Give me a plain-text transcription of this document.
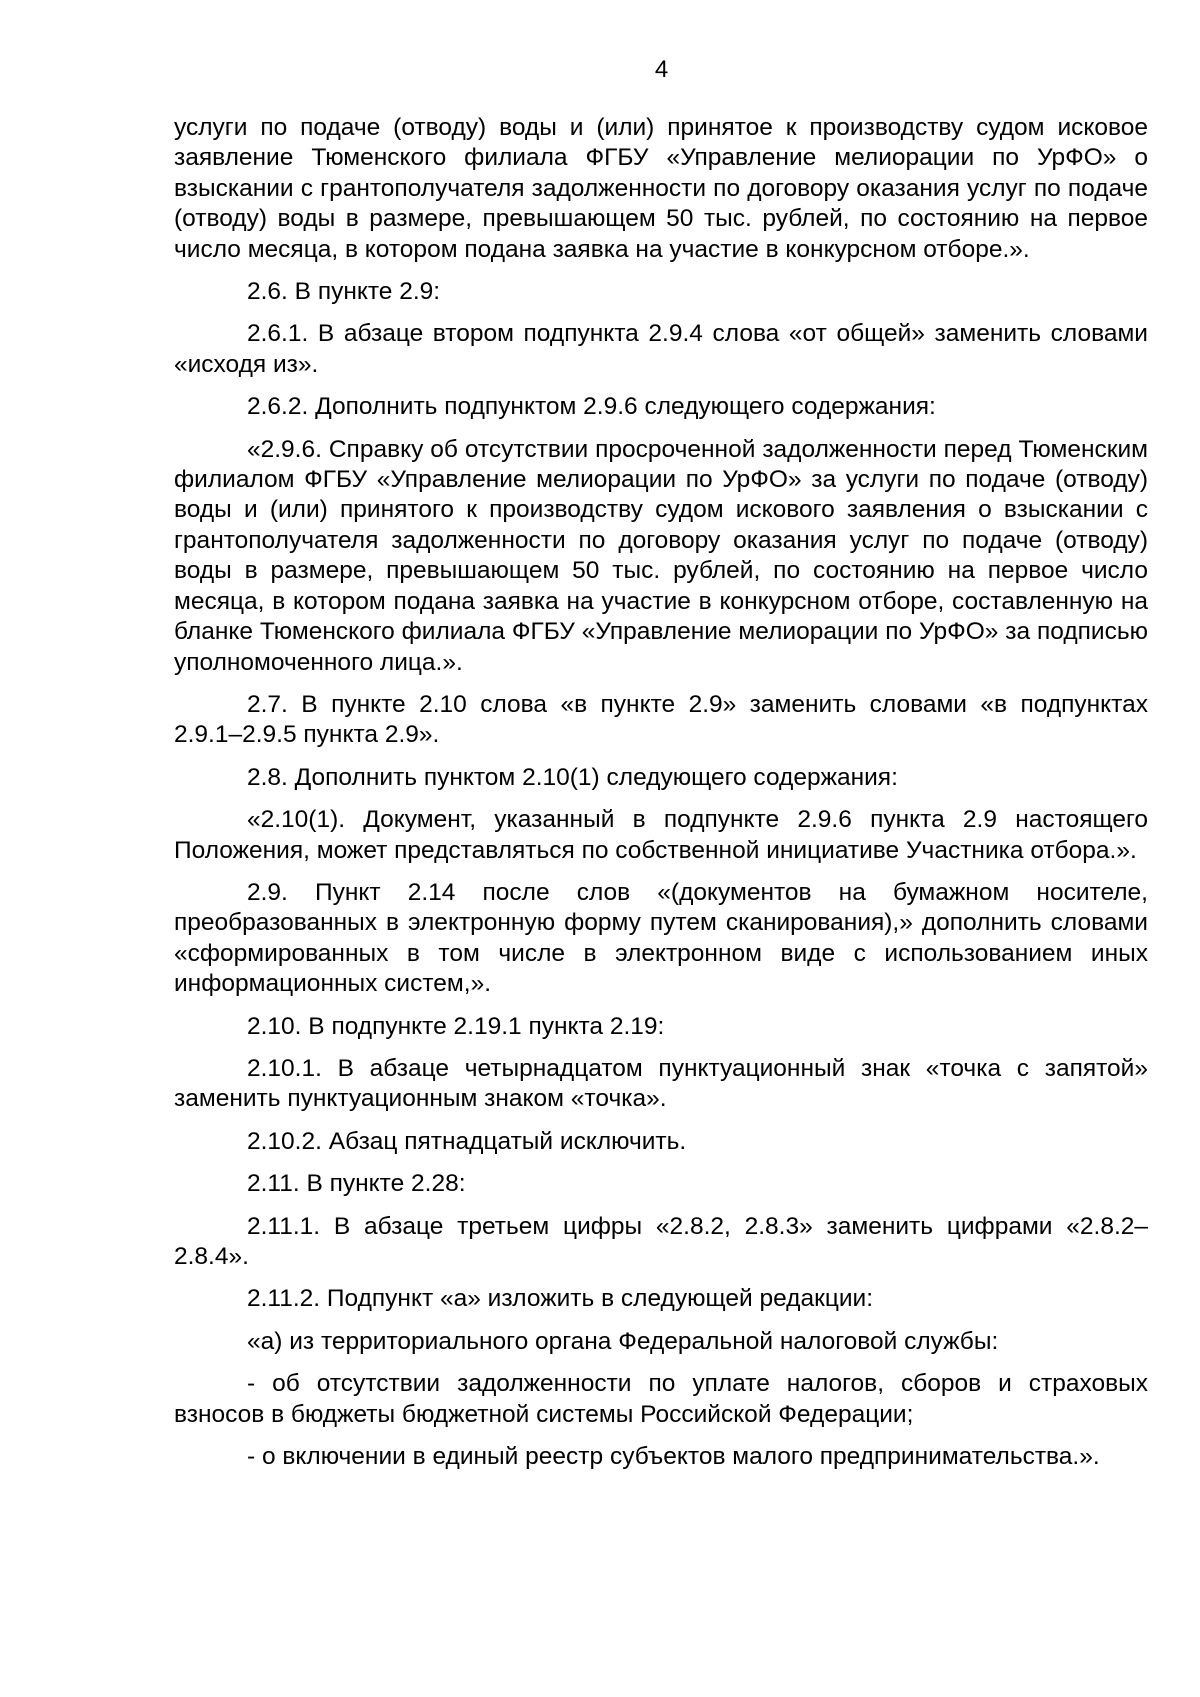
4

услуги по подаче (отводу) воды и (или) принятое к производству судом исковое заявление Тюменского филиала ФГБУ «Управление мелиорации по УрФО» о взыскании с грантополучателя задолженности по договору оказания услуг по подаче (отводу) воды в размере, превышающем 50 тыс. рублей, по состоянию на первое число месяца, в котором подана заявка на участие в конкурсном отборе.».

2.6. В пункте 2.9:

2.6.1. В абзаце втором подпункта 2.9.4 слова «от общей» заменить словами «исходя из».

2.6.2. Дополнить подпунктом 2.9.6 следующего содержания:

«2.9.6. Справку об отсутствии просроченной задолженности перед Тюменским филиалом ФГБУ «Управление мелиорации по УрФО» за услуги по подаче (отводу) воды и (или) принятого к производству судом искового заявления о взыскании с грантополучателя задолженности по договору оказания услуг по подаче (отводу) воды в размере, превышающем 50 тыс. рублей, по состоянию на первое число месяца, в котором подана заявка на участие в конкурсном отборе, составленную на бланке Тюменского филиала ФГБУ «Управление мелиорации по УрФО» за подписью уполномоченного лица.».

2.7. В пункте 2.10 слова «в пункте 2.9» заменить словами «в подпунктах 2.9.1–2.9.5 пункта 2.9».

2.8. Дополнить пунктом 2.10(1) следующего содержания:

«2.10(1). Документ, указанный в подпункте 2.9.6 пункта 2.9 настоящего Положения, может представляться по собственной инициативе Участника отбора.».

2.9. Пункт 2.14 после слов «(документов на бумажном носителе, преобразованных в электронную форму путем сканирования),» дополнить словами «сформированных в том числе в электронном виде с использованием иных информационных систем,».

2.10. В подпункте 2.19.1 пункта 2.19:

2.10.1. В абзаце четырнадцатом пунктуационный знак «точка с запятой» заменить пунктуационным знаком «точка».

2.10.2. Абзац пятнадцатый исключить.

2.11. В пункте 2.28:

2.11.1. В абзаце третьем цифры «2.8.2, 2.8.3» заменить цифрами «2.8.2–2.8.4».

2.11.2. Подпункт «а» изложить в следующей редакции:

«а) из территориального органа Федеральной налоговой службы:

- об отсутствии задолженности по уплате налогов, сборов и страховых взносов в бюджеты бюджетной системы Российской Федерации;

- о включении в единый реестр субъектов малого предпринимательства.».
